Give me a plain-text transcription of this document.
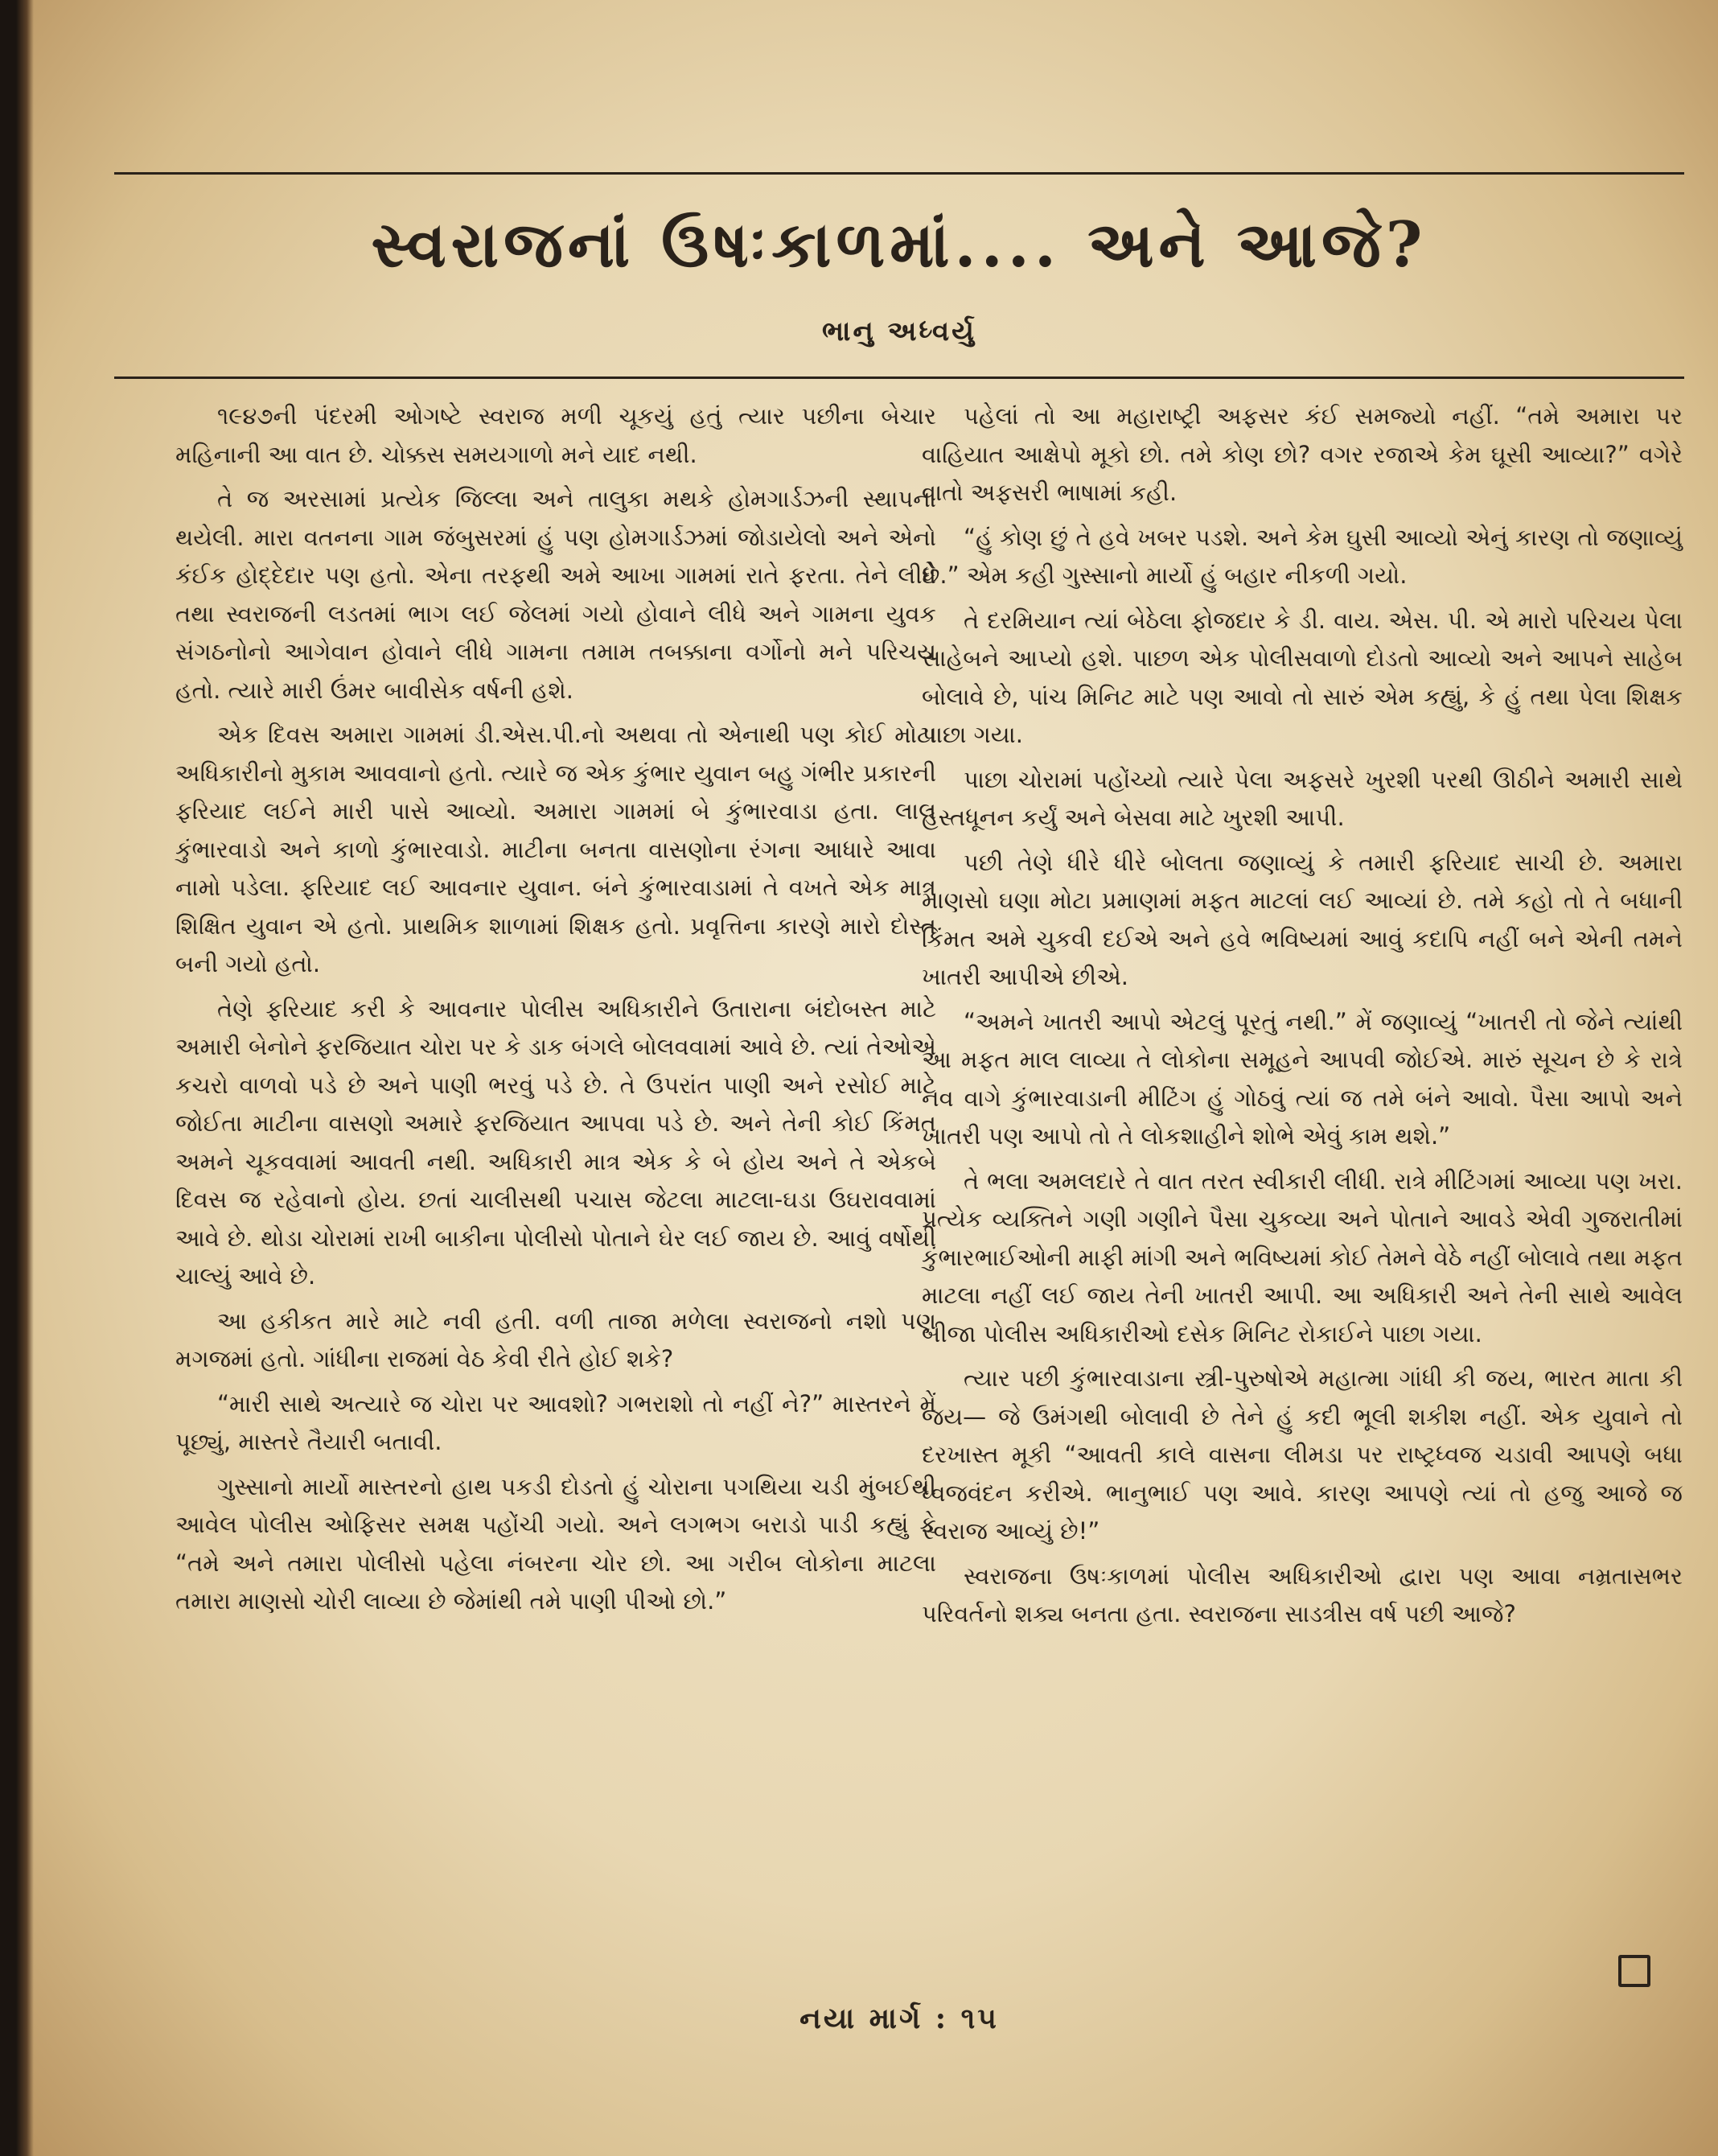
સ્વરાજનાં ઉષઃકાળમાં.... અને આજે?
ભાનુ અધ્વર્યુ

૧૯૪૭ની પંદરમી ઓગષ્ટે સ્વરાજ મળી ચૂકયું હતું ત્યાર પછીના બેચાર મહિનાની આ વાત છે. ચોક્કસ સમયગાળો મને યાદ નથી.

તે જ અરસામાં પ્રત્યેક જિલ્લા અને તાલુકા મથકે હોમગાર્ડઝની સ્થાપના થયેલી. મારા વતનના ગામ જંબુસરમાં હું પણ હોમગાર્ડઝમાં જોડાયેલો અને એનો કંઈક હોદ્દેદાર પણ હતો. એના તરફથી અમે આખા ગામમાં રાતે ફરતા. તેને લીધે તથા સ્વરાજની લડતમાં ભાગ લઈ જેલમાં ગયો હોવાને લીધે અને ગામના યુવક સંગઠનોનો આગેવાન હોવાને લીધે ગામના તમામ તબક્કાના વર્ગોનો મને પરિચય હતો. ત્યારે મારી ઉંમર બાવીસેક વર્ષની હશે.

એક દિવસ અમારા ગામમાં ડી.એસ.પી.નો અથવા તો એનાથી પણ કોઈ મોટા અધિકારીનો મુકામ આવવાનો હતો. ત્યારે જ એક કુંભાર યુવાન બહુ ગંભીર પ્રકારની ફરિયાદ લઈને મારી પાસે આવ્યો. અમારા ગામમાં બે કુંભારવાડા હતા. લાલ કુંભારવાડો અને કાળો કુંભારવાડો. માટીના બનતા વાસણોના રંગના આધારે આવા નામો પડેલા. ફરિયાદ લઈ આવનાર યુવાન. બંને કુંભારવાડામાં તે વખતે એક માત્ર શિક્ષિત યુવાન એ હતો. પ્રાથમિક શાળામાં શિક્ષક હતો. પ્રવૃત્તિના કારણે મારો દોસ્ત બની ગયો હતો.

તેણે ફરિયાદ કરી કે આવનાર પોલીસ અધિકારીને ઉતારાના બંદોબસ્ત માટે અમારી બેનોને ફરજિયાત ચોરા પર કે ડાક બંગલે બોલવવામાં આવે છે. ત્યાં તેઓએ કચરો વાળવો પડે છે અને પાણી ભરવું પડે છે. તે ઉપરાંત પાણી અને રસોઈ માટે જોઈતા માટીના વાસણો અમારે ફરજિયાત આપવા પડે છે. અને તેની કોઈ કિંમત અમને ચૂકવવામાં આવતી નથી. અધિકારી માત્ર એક કે બે હોય અને તે એકબે દિવસ જ રહેવાનો હોય. છતાં ચાલીસથી પચાસ જેટલા માટલા-ઘડા ઉઘરાવવામાં આવે છે. થોડા ચોરામાં રાખી બાકીના પોલીસો પોતાને ઘેર લઈ જાય છે. આવું વર્ષોથી ચાલ્યું આવે છે.

આ હકીકત મારે માટે નવી હતી. વળી તાજા મળેલા સ્વરાજનો નશો પણ મગજમાં હતો. ગાંધીના રાજમાં વેઠ કેવી રીતે હોઈ શકે?

“મારી સાથે અત્યારે જ ચોરા પર આવશો? ગભરાશો તો નહીં ને?” માસ્તરને મેં પૂછ્યું, માસ્તરે તૈયારી બતાવી.

ગુસ્સાનો માર્યો માસ્તરનો હાથ પકડી દોડતો હું ચોરાના પગથિયા ચડી મુંબઈથી આવેલ પોલીસ ઓફિસર સમક્ષ પહોંચી ગયો. અને લગભગ બરાડો પાડી કહ્યું કે “તમે અને તમારા પોલીસો પહેલા નંબરના ચોર છો. આ ગરીબ લોકોના માટલા તમારા માણસો ચોરી લાવ્યા છે જેમાંથી તમે પાણી પીઓ છો.”

પહેલાં તો આ મહારાષ્ટ્રી અફસર કંઈ સમજ્યો નહીં. “તમે અમારા પર વાહિયાત આક્ષેપો મૂકો છો. તમે કોણ છો? વગર રજાએ કેમ ઘૂસી આવ્યા?” વગેરે વાતો અફસરી ભાષામાં કહી.

“હું કોણ છું તે હવે ખબર પડશે. અને કેમ ઘુસી આવ્યો એનું કારણ તો જણાવ્યું છે.” એમ કહી ગુસ્સાનો માર્યો હું બહાર નીકળી ગયો.

તે દરમિયાન ત્યાં બેઠેલા ફોજદાર કે ડી. વાય. એસ. પી. એ મારો પરિચય પેલા સાહેબને આપ્યો હશે. પાછળ એક પોલીસવાળો દોડતો આવ્યો અને આપને સાહેબ બોલાવે છે, પાંચ મિનિટ માટે પણ આવો તો સારું એમ કહ્યું, કે હું તથા પેલા શિક્ષક પાછા ગયા.

પાછા ચોરામાં પહોંચ્યો ત્યારે પેલા અફસરે ખુરશી પરથી ઊઠીને અમારી સાથે હસ્તધૂનન કર્યું અને બેસવા માટે ખુરશી આપી.

પછી તેણે ધીરે ધીરે બોલતા જણાવ્યું કે તમારી ફરિયાદ સાચી છે. અમારા માણસો ઘણા મોટા પ્રમાણમાં મફત માટલાં લઈ આવ્યાં છે. તમે કહો તો તે બધાની કિંમત અમે ચુકવી દઈએ અને હવે ભવિષ્યમાં આવું કદાપિ નહીં બને એની તમને ખાતરી આપીએ છીએ.

“અમને ખાતરી આપો એટલું પૂરતું નથી.” મેં જણાવ્યું “ખાતરી તો જેને ત્યાંથી આ મફત માલ લાવ્યા તે લોકોના સમૂહને આપવી જોઈએ. મારું સૂચન છે કે રાત્રે નવ વાગે કુંભારવાડાની મીટિંગ હું ગોઠવું ત્યાં જ તમે બંને આવો. પૈસા આપો અને ખાતરી પણ આપો તો તે લોકશાહીને શોભે એવું કામ થશે.”

તે ભલા અમલદારે તે વાત તરત સ્વીકારી લીધી. રાત્રે મીટિંગમાં આવ્યા પણ ખરા. પ્રત્યેક વ્યક્તિને ગણી ગણીને પૈસા ચુકવ્યા અને પોતાને આવડે એવી ગુજરાતીમાં કુંભારભાઈઓની માફી માંગી અને ભવિષ્યમાં કોઈ તેમને વેઠે નહીં બોલાવે તથા મફત માટલા નહીં લઈ જાય તેની ખાતરી આપી. આ અધિકારી અને તેની સાથે આવેલ બીજા પોલીસ અધિકારીઓ દસેક મિનિટ રોકાઈને પાછા ગયા.

ત્યાર પછી કુંભારવાડાના સ્ત્રી-પુરુષોએ મહાત્મા ગાંધી કી જય, ભારત માતા કી જય— જે ઉમંગથી બોલાવી છે તેને હું કદી ભૂલી શકીશ નહીં. એક યુવાને તો દરખાસ્ત મૂકી “આવતી કાલે વાસના લીમડા પર રાષ્ટ્રધ્વજ ચડાવી આપણે બધા ધ્વજવંદન કરીએ. ભાનુભાઈ પણ આવે. કારણ આપણે ત્યાં તો હજુ આજે જ સ્વરાજ આવ્યું છે!”

સ્વરાજના ઉષઃકાળમાં પોલીસ અધિકારીઓ દ્વારા પણ આવા નમ્રતાસભર પરિવર્તનો શક્ય બનતા હતા. સ્વરાજના સાડત્રીસ વર્ષ પછી આજે?

નયા માર્ગ : ૧૫
